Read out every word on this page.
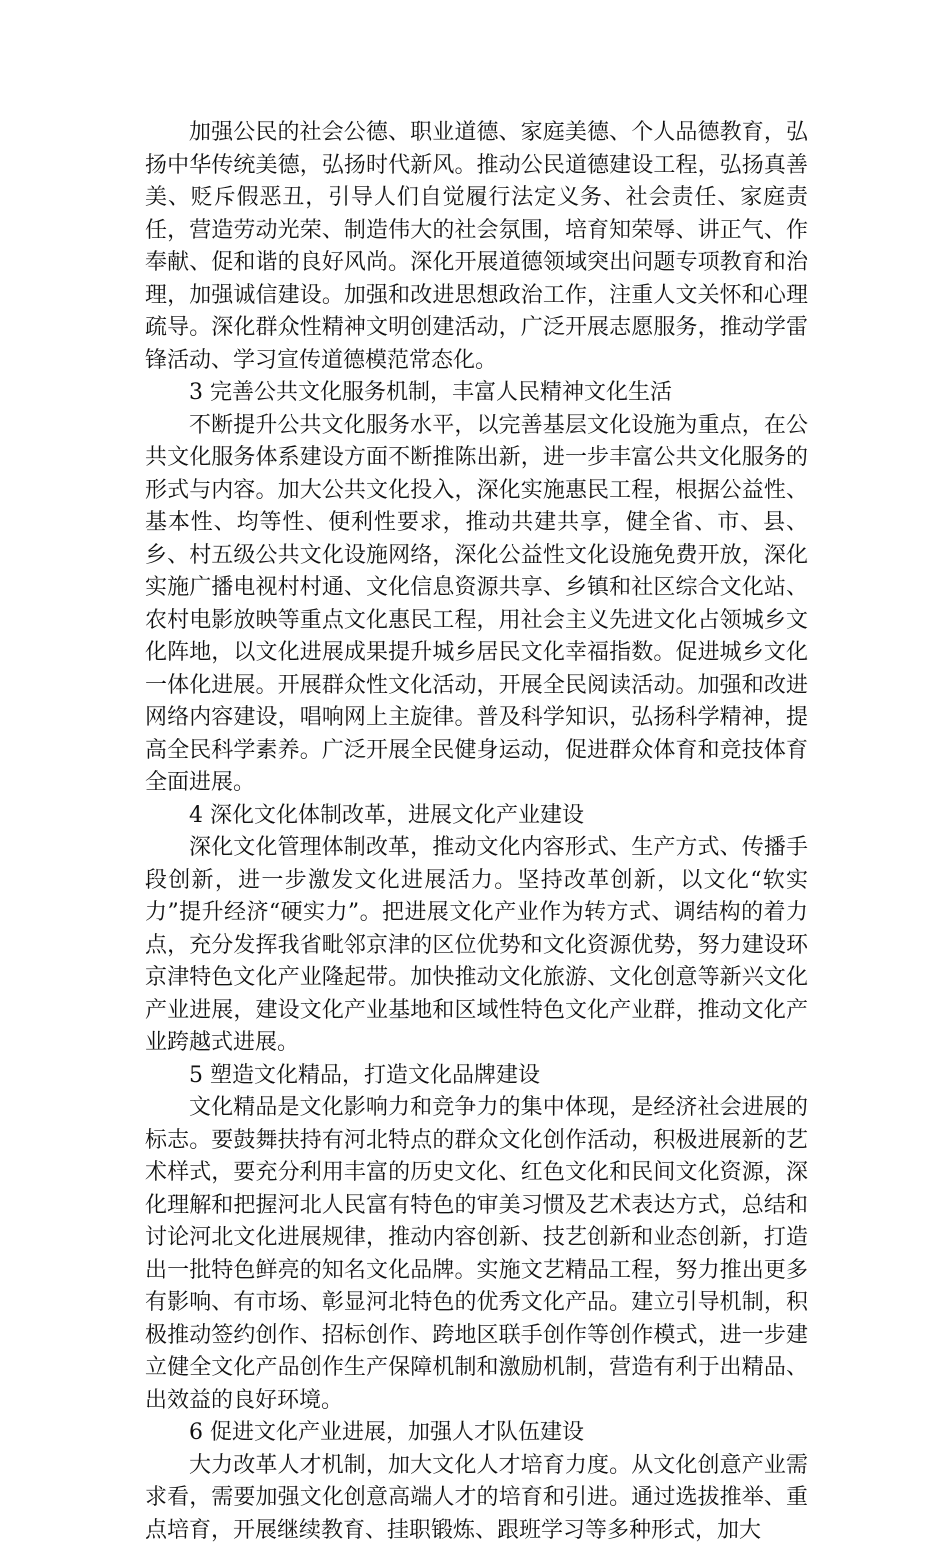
加强公民的社会公德、职业道德、家庭美德、个人品德教育，弘扬中华传统美德，弘扬时代新风。推动公民道德建设工程，弘扬真善美、贬斥假恶丑，引导人们自觉履行法定义务、社会责任、家庭责任，营造劳动光荣、制造伟大的社会氛围，培育知荣辱、讲正气、作奉献、促和谐的良好风尚。深化开展道德领域突出问题专项教育和治理，加强诚信建设。加强和改进思想政治工作，注重人文关怀和心理疏导。深化群众性精神文明创建活动，广泛开展志愿服务，推动学雷锋活动、学习宣传道德模范常态化。

3 完善公共文化服务机制，丰富人民精神文化生活

不断提升公共文化服务水平，以完善基层文化设施为重点，在公共文化服务体系建设方面不断推陈出新，进一步丰富公共文化服务的形式与内容。加大公共文化投入，深化实施惠民工程，根据公益性、基本性、均等性、便利性要求，推动共建共享，健全省、市、县、乡、村五级公共文化设施网络，深化公益性文化设施免费开放，深化实施广播电视村村通、文化信息资源共享、乡镇和社区综合文化站、农村电影放映等重点文化惠民工程，用社会主义先进文化占领城乡文化阵地，以文化进展成果提升城乡居民文化幸福指数。促进城乡文化一体化进展。开展群众性文化活动，开展全民阅读活动。加强和改进网络内容建设，唱响网上主旋律。普及科学知识，弘扬科学精神，提高全民科学素养。广泛开展全民健身运动，促进群众体育和竞技体育全面进展。

4 深化文化体制改革，进展文化产业建设

深化文化管理体制改革，推动文化内容形式、生产方式、传播手段创新，进一步激发文化进展活力。坚持改革创新，以文化“软实力”提升经济“硬实力”。把进展文化产业作为转方式、调结构的着力点，充分发挥我省毗邻京津的区位优势和文化资源优势，努力建设环京津特色文化产业隆起带。加快推动文化旅游、文化创意等新兴文化产业进展，建设文化产业基地和区域性特色文化产业群，推动文化产业跨越式进展。

5 塑造文化精品，打造文化品牌建设

文化精品是文化影响力和竞争力的集中体现，是经济社会进展的标志。要鼓舞扶持有河北特点的群众文化创作活动，积极进展新的艺术样式，要充分利用丰富的历史文化、红色文化和民间文化资源，深化理解和把握河北人民富有特色的审美习惯及艺术表达方式，总结和讨论河北文化进展规律，推动内容创新、技艺创新和业态创新，打造出一批特色鲜亮的知名文化品牌。实施文艺精品工程，努力推出更多有影响、有市场、彰显河北特色的优秀文化产品。建立引导机制，积极推动签约创作、招标创作、跨地区联手创作等创作模式，进一步建立健全文化产品创作生产保障机制和激励机制，营造有利于出精品、出效益的良好环境。

6 促进文化产业进展，加强人才队伍建设

大力改革人才机制，加大文化人才培育力度。从文化创意产业需求看，需要加强文化创意高端人才的培育和引进。通过选拔推举、重点培育，开展继续教育、挂职锻炼、跟班学习等多种形式，加大
